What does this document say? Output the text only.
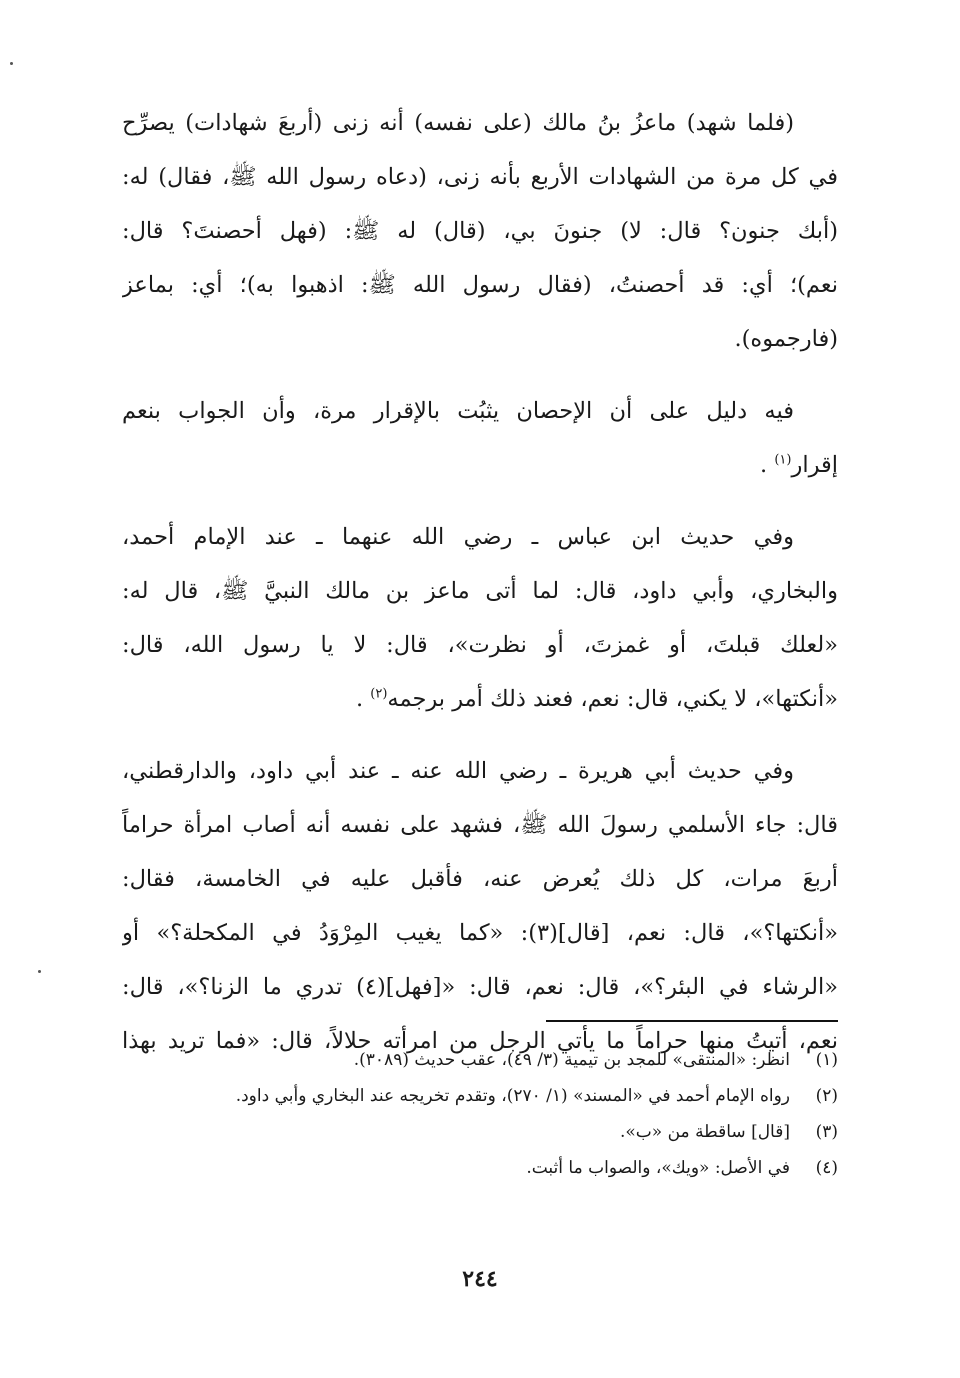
(فلما شهد) ماعزُ بنُ مالك (على نفسه) أنه زنى (أربعَ شهادات) يصرِّح
في كل مرة من الشهادات الأربع بأنه زنى، (دعاه رسول الله ﷺ، فقال) له:
(أبك جنون؟ قال: لا) جنونَ بي، (قال) له ﷺ: (فهل أحصنتَ؟ قال:
نعم)؛ أي: قد أحصنتُ، (فقال رسول الله ﷺ: اذهبوا به)؛ أي: بماعز
(فارجموه).
فيه دليل على أن الإحصان يثبُت بالإقرار مرة، وأن الجواب بنعم
إقرار$^{(١)}$ .
وفي حديث ابن عباس ـ رضي الله عنهما ـ عند الإمام أحمد،
والبخاري، وأبي داود، قال: لما أتى ماعز بن مالك النبيَّ ﷺ، قال له:
«لعلك قبلتَ، أو غمزتَ، أو نظرت»، قال: لا يا رسول الله، قال:
«أنكتها»، لا يكني، قال: نعم، فعند ذلك أمر برجمه$^{(٢)}$ .
وفي حديث أبي هريرة ـ رضي الله عنه ـ عند أبي داود، والدارقطني،
قال: جاء الأسلمي رسولَ الله ﷺ، فشهد على نفسه أنه أصاب امرأة حراماً
أربعَ مرات، كل ذلك يُعرض عنه، فأقبل عليه في الخامسة، فقال:
«أنكتها؟»، قال: نعم، [قال](٣): «كما يغيب المِرْوَدُ في المكحلة؟» أو
«الرشاء في البئر؟»، قال: نعم، قال: «[فهل](٤) تدري ما الزنا؟»، قال:
نعم، أتيتُ منها حراماً ما يأتي الرجل من امرأته حلالاً، قال: «فما تريد بهذا
(١)
انظر: «المنتقى» للمجد بن تيمية (٣/ ٤٩)، عقب حديث (٣٠٨٩).
(٢)
رواه الإمام أحمد في «المسند» (١/ ٢٧٠)، وتقدم تخريجه عند البخاري وأبي داود.
(٣)
[قال] ساقطة من «ب».
(٤)
في الأصل: «ويك»، والصواب ما أثبت.
٢٤٤
